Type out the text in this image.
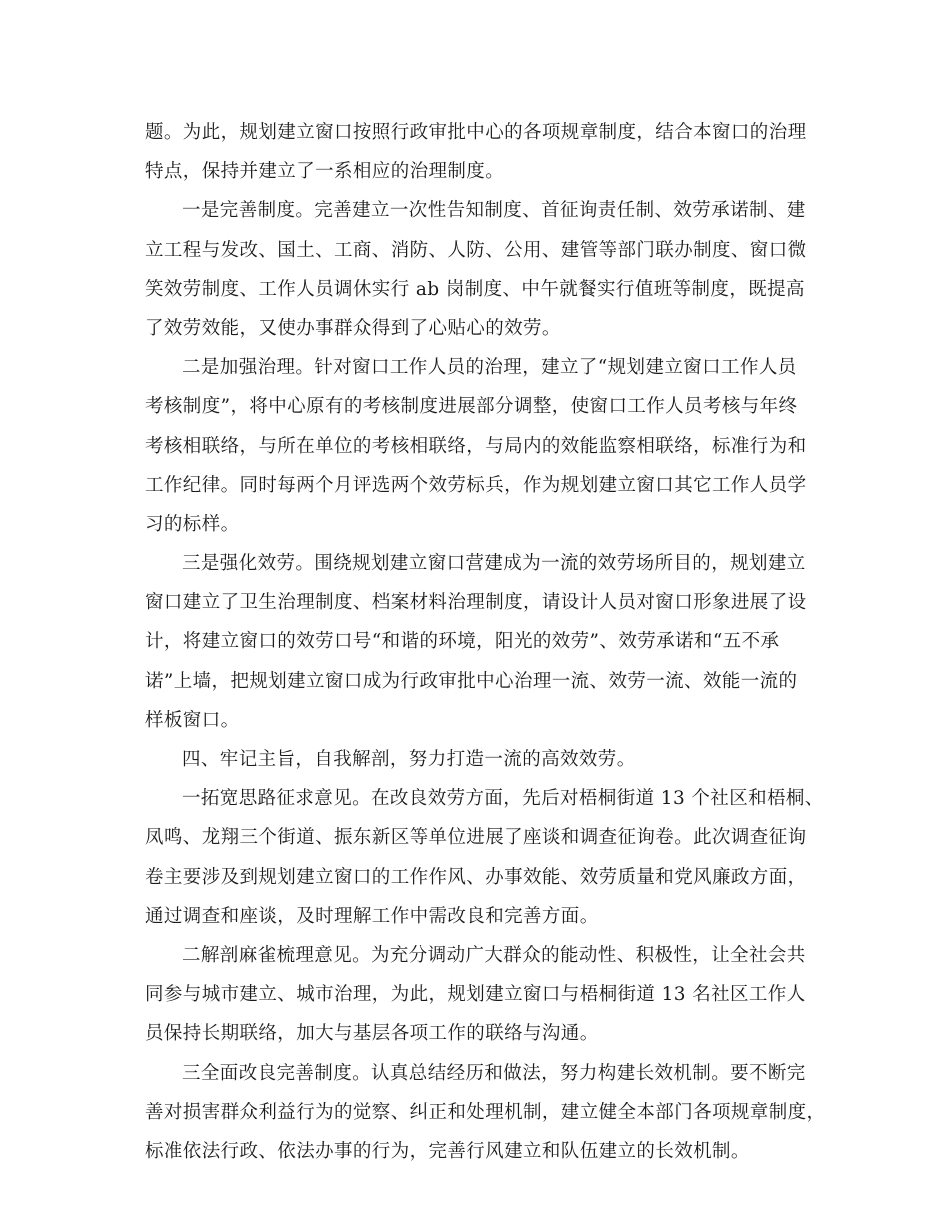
题。为此，规划建立窗口按照行政审批中心的各项规章制度，结合本窗口的治理
特点，保持并建立了一系相应的治理制度。
一是完善制度。完善建立一次性告知制度、首征询责任制、效劳承诺制、建
立工程与发改、国土、工商、消防、人防、公用、建管等部门联办制度、窗口微
笑效劳制度、工作人员调休实行 ab 岗制度、中午就餐实行值班等制度，既提高
了效劳效能，又使办事群众得到了心贴心的效劳。
二是加强治理。针对窗口工作人员的治理，建立了“规划建立窗口工作人员
考核制度”，将中心原有的考核制度进展部分调整，使窗口工作人员考核与年终
考核相联络，与所在单位的考核相联络，与局内的效能监察相联络，标准行为和
工作纪律。同时每两个月评选两个效劳标兵，作为规划建立窗口其它工作人员学
习的标样。
三是强化效劳。围绕规划建立窗口营建成为一流的效劳场所目的，规划建立
窗口建立了卫生治理制度、档案材料治理制度，请设计人员对窗口形象进展了设
计，将建立窗口的效劳口号“和谐的环境，阳光的效劳”、效劳承诺和“五不承
诺”上墙，把规划建立窗口成为行政审批中心治理一流、效劳一流、效能一流的
样板窗口。
四、牢记主旨，自我解剖，努力打造一流的高效效劳。
一拓宽思路征求意见。在改良效劳方面，先后对梧桐街道 13 个社区和梧桐、
凤鸣、龙翔三个街道、振东新区等单位进展了座谈和调查征询卷。此次调查征询
卷主要涉及到规划建立窗口的工作作风、办事效能、效劳质量和党风廉政方面，
通过调查和座谈，及时理解工作中需改良和完善方面。
二解剖麻雀梳理意见。为充分调动广大群众的能动性、积极性，让全社会共
同参与城市建立、城市治理，为此，规划建立窗口与梧桐街道 13 名社区工作人
员保持长期联络，加大与基层各项工作的联络与沟通。
三全面改良完善制度。认真总结经历和做法，努力构建长效机制。要不断完
善对损害群众利益行为的觉察、纠正和处理机制，建立健全本部门各项规章制度，
标准依法行政、依法办事的行为，完善行风建立和队伍建立的长效机制。
